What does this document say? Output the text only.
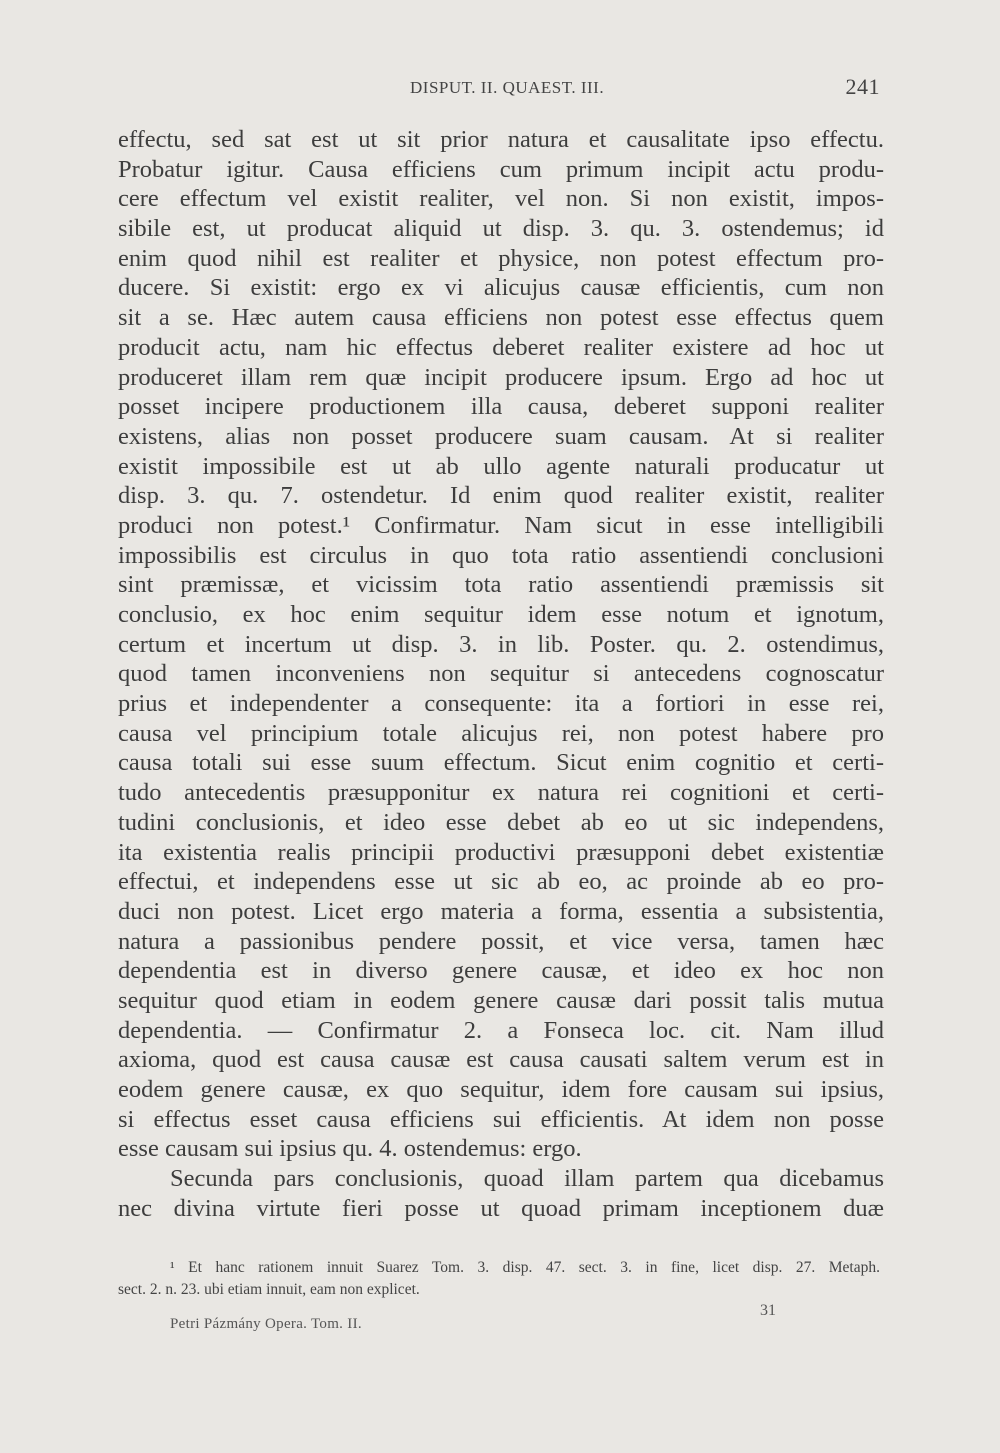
DISPUT. II. QUAEST. III.	241
effectu, sed sat est ut sit prior natura et causalitate ipso effectu.
Probatur igitur. Causa efficiens cum primum incipit actu produ-
cere effectum vel existit realiter, vel non. Si non existit, impos-
sibile est, ut producat aliquid ut disp. 3. qu. 3. ostendemus; id
enim quod nihil est realiter et physice, non potest effectum pro-
ducere. Si existit: ergo ex vi alicujus causæ efficientis, cum non
sit a se. Hæc autem causa efficiens non potest esse effectus quem
producit actu, nam hic effectus deberet realiter existere ad hoc ut
produceret illam rem quæ incipit producere ipsum. Ergo ad hoc ut
posset incipere productionem illa causa, deberet supponi realiter
existens, alias non posset producere suam causam. At si realiter
existit impossibile est ut ab ullo agente naturali producatur ut
disp. 3. qu. 7. ostendetur. Id enim quod realiter existit, realiter
produci non potest.¹ Confirmatur. Nam sicut in esse intelligibili
impossibilis est circulus in quo tota ratio assentiendi conclusioni
sint præmissæ, et vicissim tota ratio assentiendi præmissis sit
conclusio, ex hoc enim sequitur idem esse notum et ignotum,
certum et incertum ut disp. 3. in lib. Poster. qu. 2. ostendimus,
quod tamen inconveniens non sequitur si antecedens cognoscatur
prius et independenter a consequente: ita a fortiori in esse rei,
causa vel principium totale alicujus rei, non potest habere pro
causa totali sui esse suum effectum. Sicut enim cognitio et certi-
tudo antecedentis præsupponitur ex natura rei cognitioni et certi-
tudini conclusionis, et ideo esse debet ab eo ut sic independens,
ita existentia realis principii productivi præsupponi debet existentiæ
effectui, et independens esse ut sic ab eo, ac proinde ab eo pro-
duci non potest. Licet ergo materia a forma, essentia a subsistentia,
natura a passionibus pendere possit, et vice versa, tamen hæc
dependentia est in diverso genere causæ, et ideo ex hoc non
sequitur quod etiam in eodem genere causæ dari possit talis mutua
dependentia. — Confirmatur 2. a Fonseca loc. cit. Nam illud
axioma, quod est causa causæ est causa causati saltem verum est in
eodem genere causæ, ex quo sequitur, idem fore causam sui ipsius,
si effectus esset causa efficiens sui efficientis. At idem non posse
esse causam sui ipsius qu. 4. ostendemus: ergo.
Secunda pars conclusionis, quoad illam partem qua dicebamus
nec divina virtute fieri posse ut quoad primam inceptionem duæ
¹ Et hanc rationem innuit Suarez Tom. 3. disp. 47. sect. 3. in fine, licet disp. 27. Metaph.
sect. 2. n. 23. ubi etiam innuit, eam non explicet.
Petri Pázmány Opera. Tom. II.
31
